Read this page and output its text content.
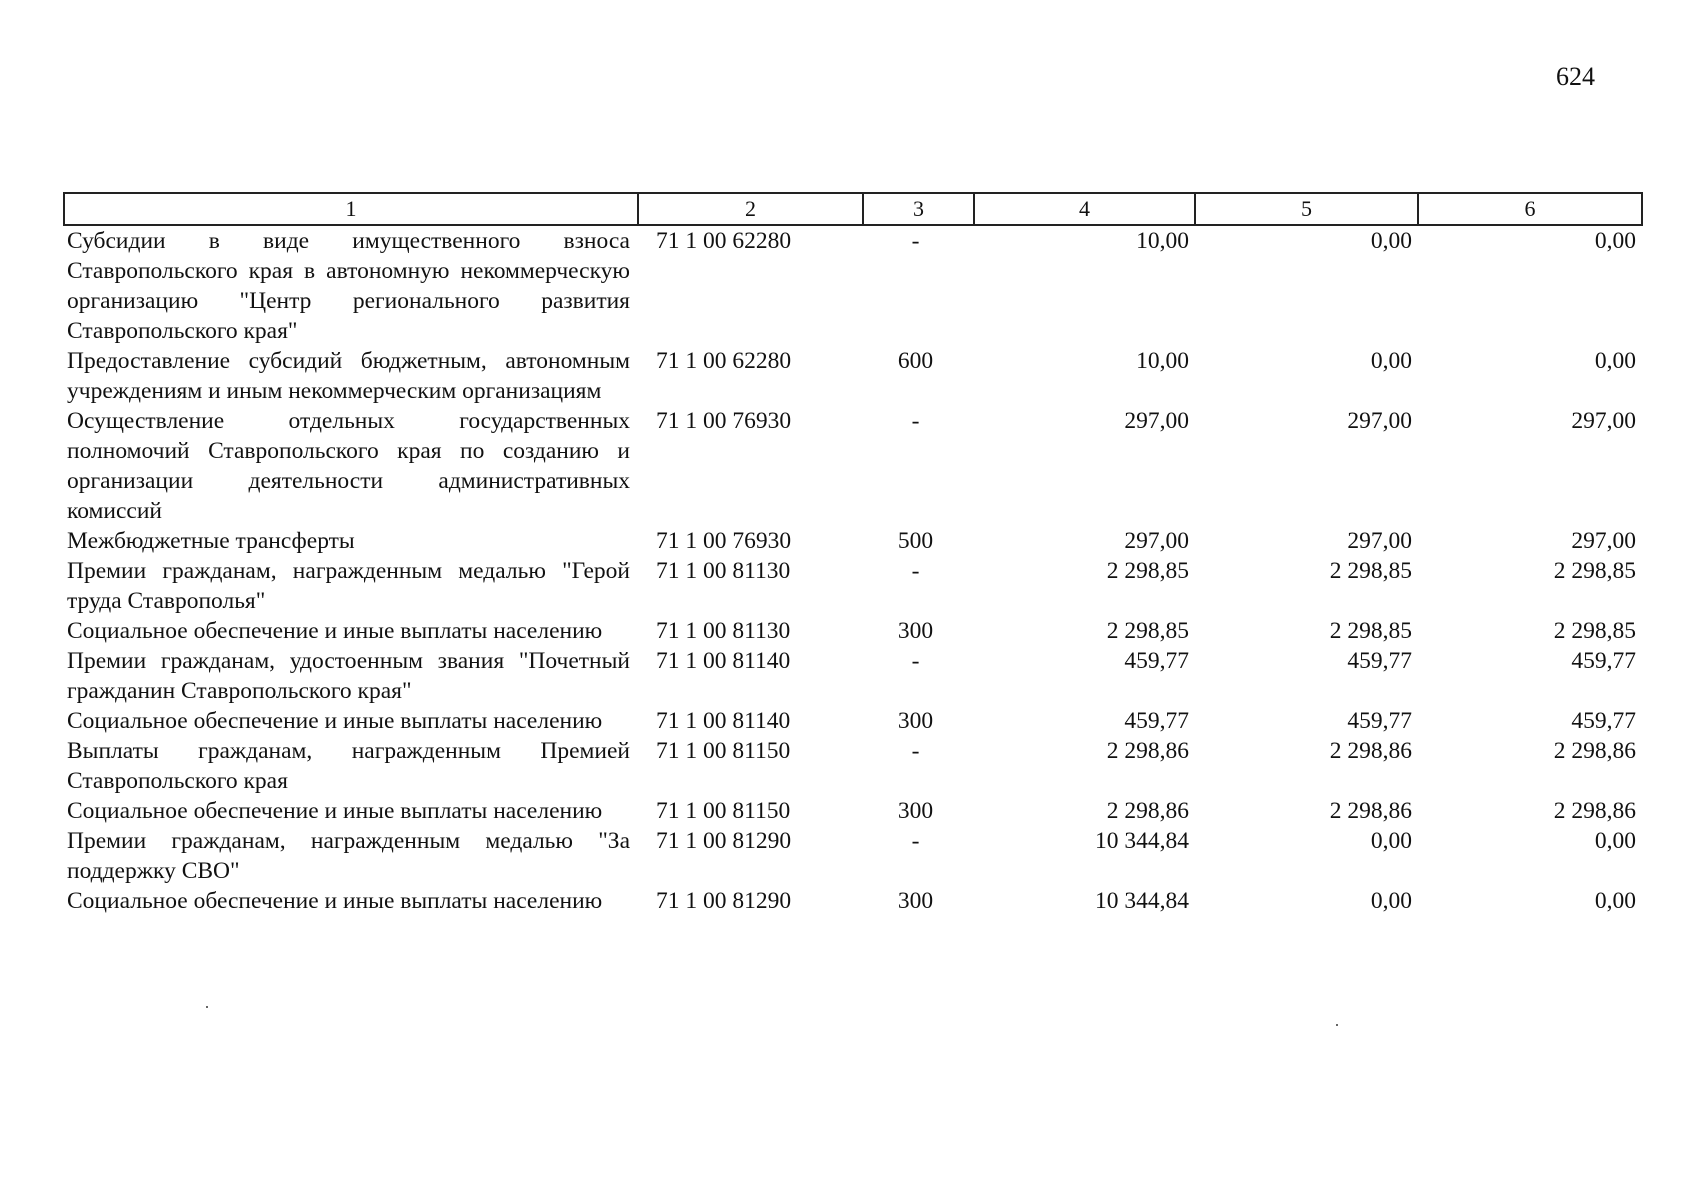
624
1	2	3	4	5	6
Субсидии в виде имущественного взноса Ставропольского края в автономную некоммерческую организацию "Центр регионального развития Ставропольского края"	71 1 00 62280	-	10,00	0,00	0,00
Предоставление субсидий бюджетным, автономным учреждениям и иным некоммерческим организациям	71 1 00 62280	600	10,00	0,00	0,00
Осуществление отдельных государственных полномочий Ставропольского края по созданию и организации деятельности административных комиссий	71 1 00 76930	-	297,00	297,00	297,00
Межбюджетные трансферты	71 1 00 76930	500	297,00	297,00	297,00
Премии гражданам, награжденным медалью "Герой труда Ставрополья"	71 1 00 81130	-	2 298,85	2 298,85	2 298,85
Социальное обеспечение и иные выплаты населению	71 1 00 81130	300	2 298,85	2 298,85	2 298,85
Премии гражданам, удостоенным звания "Почетный гражданин Ставропольского края"	71 1 00 81140	-	459,77	459,77	459,77
Социальное обеспечение и иные выплаты населению	71 1 00 81140	300	459,77	459,77	459,77
Выплаты гражданам, награжденным Премией Ставропольского края	71 1 00 81150	-	2 298,86	2 298,86	2 298,86
Социальное обеспечение и иные выплаты населению	71 1 00 81150	300	2 298,86	2 298,86	2 298,86
Премии гражданам, награжденным медалью "За поддержку СВО"	71 1 00 81290	-	10 344,84	0,00	0,00
Социальное обеспечение и иные выплаты населению	71 1 00 81290	300	10 344,84	0,00	0,00
